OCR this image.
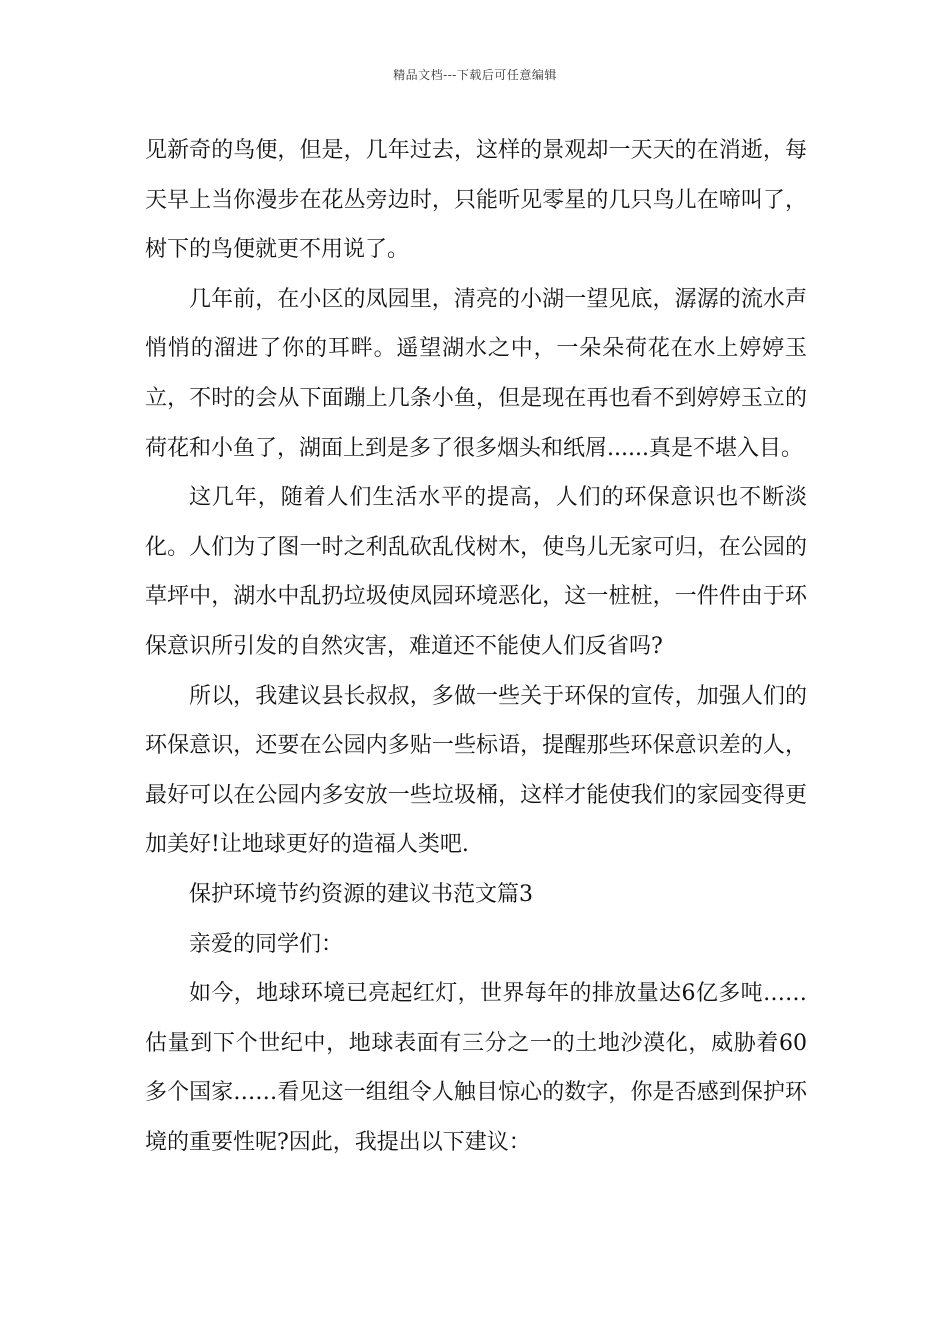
精品文档---下载后可任意编辑

见新奇的鸟便，但是，几年过去，这样的景观却一天天的在消逝，每天早上当你漫步在花丛旁边时，只能听见零星的几只鸟儿在啼叫了，树下的鸟便就更不用说了。

几年前，在小区的凤园里，清亮的小湖一望见底，潺潺的流水声悄悄的溜进了你的耳畔。遥望湖水之中，一朵朵荷花在水上婷婷玉立，不时的会从下面蹦上几条小鱼，但是现在再也看不到婷婷玉立的荷花和小鱼了，湖面上到是多了很多烟头和纸屑......真是不堪入目。

这几年，随着人们生活水平的提高，人们的环保意识也不断淡化。人们为了图一时之利乱砍乱伐树木，使鸟儿无家可归，在公园的草坪中，湖水中乱扔垃圾使凤园环境恶化，这一桩桩，一件件由于环保意识所引发的自然灾害，难道还不能使人们反省吗?

所以，我建议县长叔叔，多做一些关于环保的宣传，加强人们的环保意识，还要在公园内多贴一些标语，提醒那些环保意识差的人，最好可以在公园内多安放一些垃圾桶，这样才能使我们的家园变得更加美好!让地球更好的造福人类吧.

保护环境节约资源的建议书范文篇3

亲爱的同学们：

如今，地球环境已亮起红灯，世界每年的排放量达6亿多吨……估量到下个世纪中，地球表面有三分之一的土地沙漠化，威胁着60多个国家……看见这一组组令人触目惊心的数字，你是否感到保护环境的重要性呢?因此，我提出以下建议：
